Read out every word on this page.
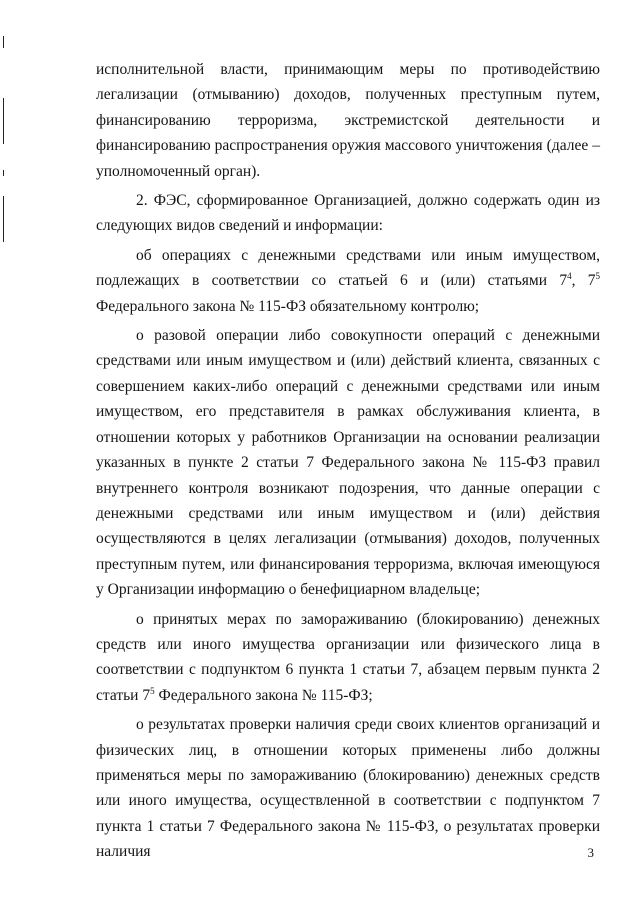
исполнительной власти, принимающим меры по противодействию легализации (отмыванию) доходов, полученных преступным путем, финансированию терроризма, экстремистской деятельности и финансированию распространения оружия массового уничтожения (далее – уполномоченный орган).

2. ФЭС, сформированное Организацией, должно содержать один из следующих видов сведений и информации:

об операциях с денежными средствами или иным имуществом, подлежащих в соответствии со статьей 6 и (или) статьями $7^4$, $7^5$ Федерального закона № 115-ФЗ обязательному контролю;

о разовой операции либо совокупности операций с денежными средствами или иным имуществом и (или) действий клиента, связанных с совершением каких-либо операций с денежными средствами или иным имуществом, его представителя в рамках обслуживания клиента, в отношении которых у работников Организации на основании реализации указанных в пункте 2 статьи 7 Федерального закона № 115-ФЗ правил внутреннего контроля возникают подозрения, что данные операции с денежными средствами или иным имуществом и (или) действия осуществляются в целях легализации (отмывания) доходов, полученных преступным путем, или финансирования терроризма, включая имеющуюся у Организации информацию о бенефициарном владельце;

о принятых мерах по замораживанию (блокированию) денежных средств или иного имущества организации или физического лица в соответствии с подпунктом 6 пункта 1 статьи 7, абзацем первым пункта 2 статьи $7^5$ Федерального закона № 115-ФЗ;

о результатах проверки наличия среди своих клиентов организаций и физических лиц, в отношении которых применены либо должны применяться меры по замораживанию (блокированию) денежных средств или иного имущества, осуществленной в соответствии с подпунктом 7 пункта 1 статьи 7 Федерального закона № 115-ФЗ, о результатах проверки наличия	3
